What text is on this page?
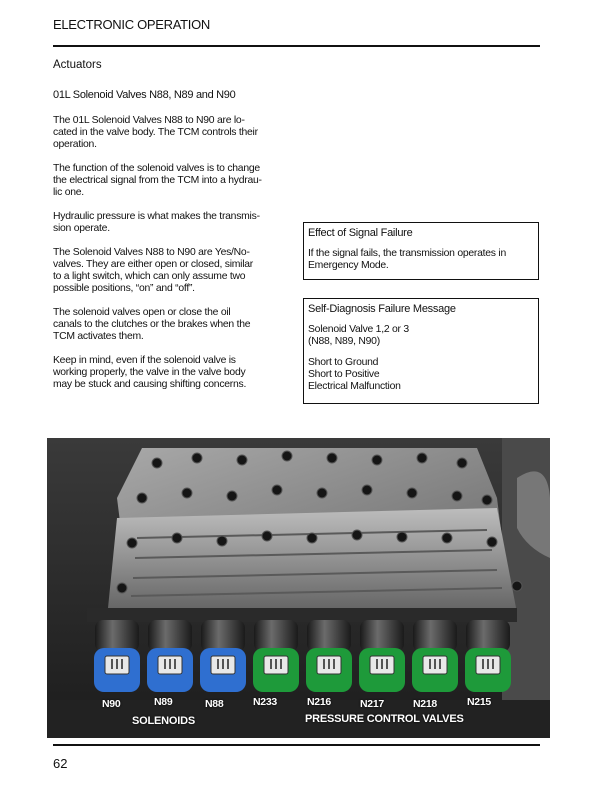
ELECTRONIC OPERATION
Actuators
01L Solenoid Valves N88, N89 and N90

The 01L Solenoid Valves N88 to N90 are lo-
cated in the valve body. The TCM controls their
operation.

The function of the solenoid valves is to change
the electrical signal from the TCM into a hydrau-
lic one.

Hydraulic pressure is what makes the transmis-
sion operate.

The Solenoid Valves N88 to N90 are Yes/No-
valves. They are either open or closed, similar
to a light switch, which can only assume two
possible positions, “on” and “off”.

The solenoid valves open or close the oil
canals to the clutches or the brakes when the
TCM activates them.

Keep in mind, even if the solenoid valve is
working properly, the valve in the valve body
may be stuck and causing shifting concerns.

Effect of Signal Failure
If the signal fails, the transmission operates in
Emergency Mode.
Self-Diagnosis Failure Message
Solenoid Valve 1,2 or 3
(N88, N89, N90)
Short to Ground
Short to Positive
Electrical Malfunction
N90	N89	N88	N233	N216	N217	N218	N215
SOLENOIDS	PRESSURE CONTROL VALVES
62
